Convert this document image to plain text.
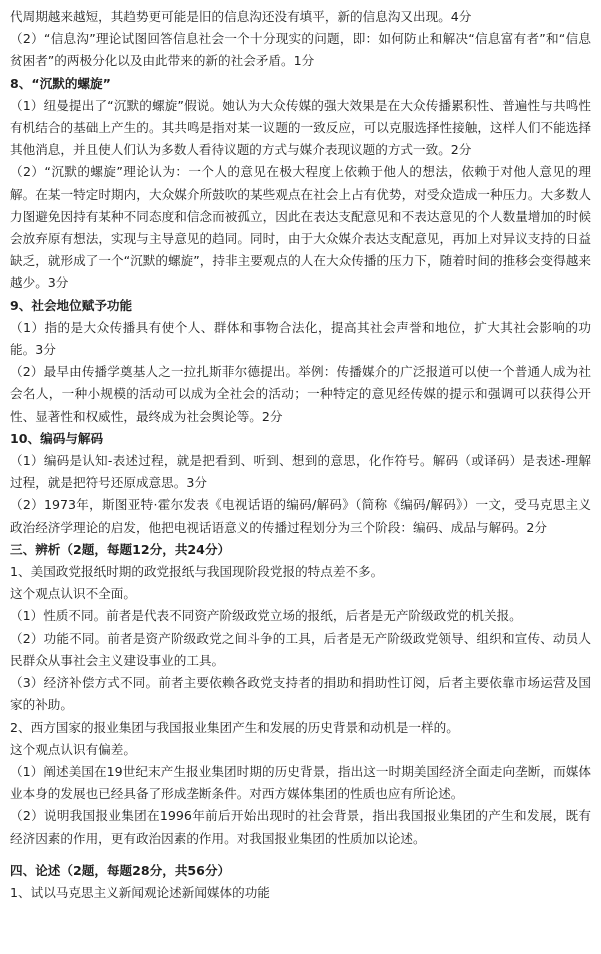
代周期越来越短，其趋势更可能是旧的信息沟还没有填平，新的信息沟又出现。4分

（2）“信息沟”理论试图回答信息社会一个十分现实的问题，即：如何防止和解决“信息富有者”和“信息贫困者”的两极分化以及由此带来的新的社会矛盾。1分

8、“沉默的螺旋”

（1）纽曼提出了“沉默的螺旋”假说。她认为大众传媒的强大效果是在大众传播累积性、普遍性与共鸣性有机结合的基础上产生的。其共鸣是指对某一议题的一致反应，可以克服选择性接触，这样人们不能选择其他消息，并且使人们认为多数人看待议题的方式与媒介表现议题的方式一致。2分

（2）“沉默的螺旋”理论认为：一个人的意见在极大程度上依赖于他人的想法，依赖于对他人意见的理解。在某一特定时期内，大众媒介所鼓吹的某些观点在社会上占有优势，对受众造成一种压力。大多数人力图避免因持有某种不同态度和信念而被孤立，因此在表达支配意见和不表达意见的个人数量增加的时候会放弃原有想法，实现与主导意见的趋同。同时，由于大众媒介表达支配意见，再加上对异议支持的日益缺乏，就形成了一个“沉默的螺旋”，持非主要观点的人在大众传播的压力下，随着时间的推移会变得越来越少。3分

9、社会地位赋予功能

（1）指的是大众传播具有使个人、群体和事物合法化，提高其社会声誉和地位，扩大其社会影响的功能。3分

（2）最早由传播学奠基人之一拉扎斯菲尔德提出。举例：传播媒介的广泛报道可以使一个普通人成为社会名人，一种小规模的活动可以成为全社会的活动；一种特定的意见经传媒的提示和强调可以获得公开性、显著性和权威性，最终成为社会舆论等。2分

10、编码与解码

（1）编码是认知-表述过程，就是把看到、听到、想到的意思，化作符号。解码（或译码）是表述-理解过程，就是把符号还原成意思。3分

（2）1973年，斯图亚特·霍尔发表《电视话语的编码/解码》（简称《编码/解码》）一文，受马克思主义政治经济学理论的启发，他把电视话语意义的传播过程划分为三个阶段：编码、成品与解码。2分

三、辨析（2题，每题12分，共24分）

1、美国政党报纸时期的政党报纸与我国现阶段党报的特点差不多。

这个观点认识不全面。

（1）性质不同。前者是代表不同资产阶级政党立场的报纸，后者是无产阶级政党的机关报。

（2）功能不同。前者是资产阶级政党之间斗争的工具，后者是无产阶级政党领导、组织和宣传、动员人民群众从事社会主义建设事业的工具。

（3）经济补偿方式不同。前者主要依赖各政党支持者的捐助和捐助性订阅，后者主要依靠市场运营及国家的补助。

2、西方国家的报业集团与我国报业集团产生和发展的历史背景和动机是一样的。

这个观点认识有偏差。

（1）阐述美国在19世纪末产生报业集团时期的历史背景，指出这一时期美国经济全面走向垄断，而媒体业本身的发展也已经具备了形成垄断条件。对西方媒体集团的性质也应有所论述。

（2）说明我国报业集团在1996年前后开始出现时的社会背景，指出我国报业集团的产生和发展，既有经济因素的作用，更有政治因素的作用。对我国报业集团的性质加以论述。

四、论述（2题，每题28分，共56分）

1、试以马克思主义新闻观论述新闻媒体的功能
